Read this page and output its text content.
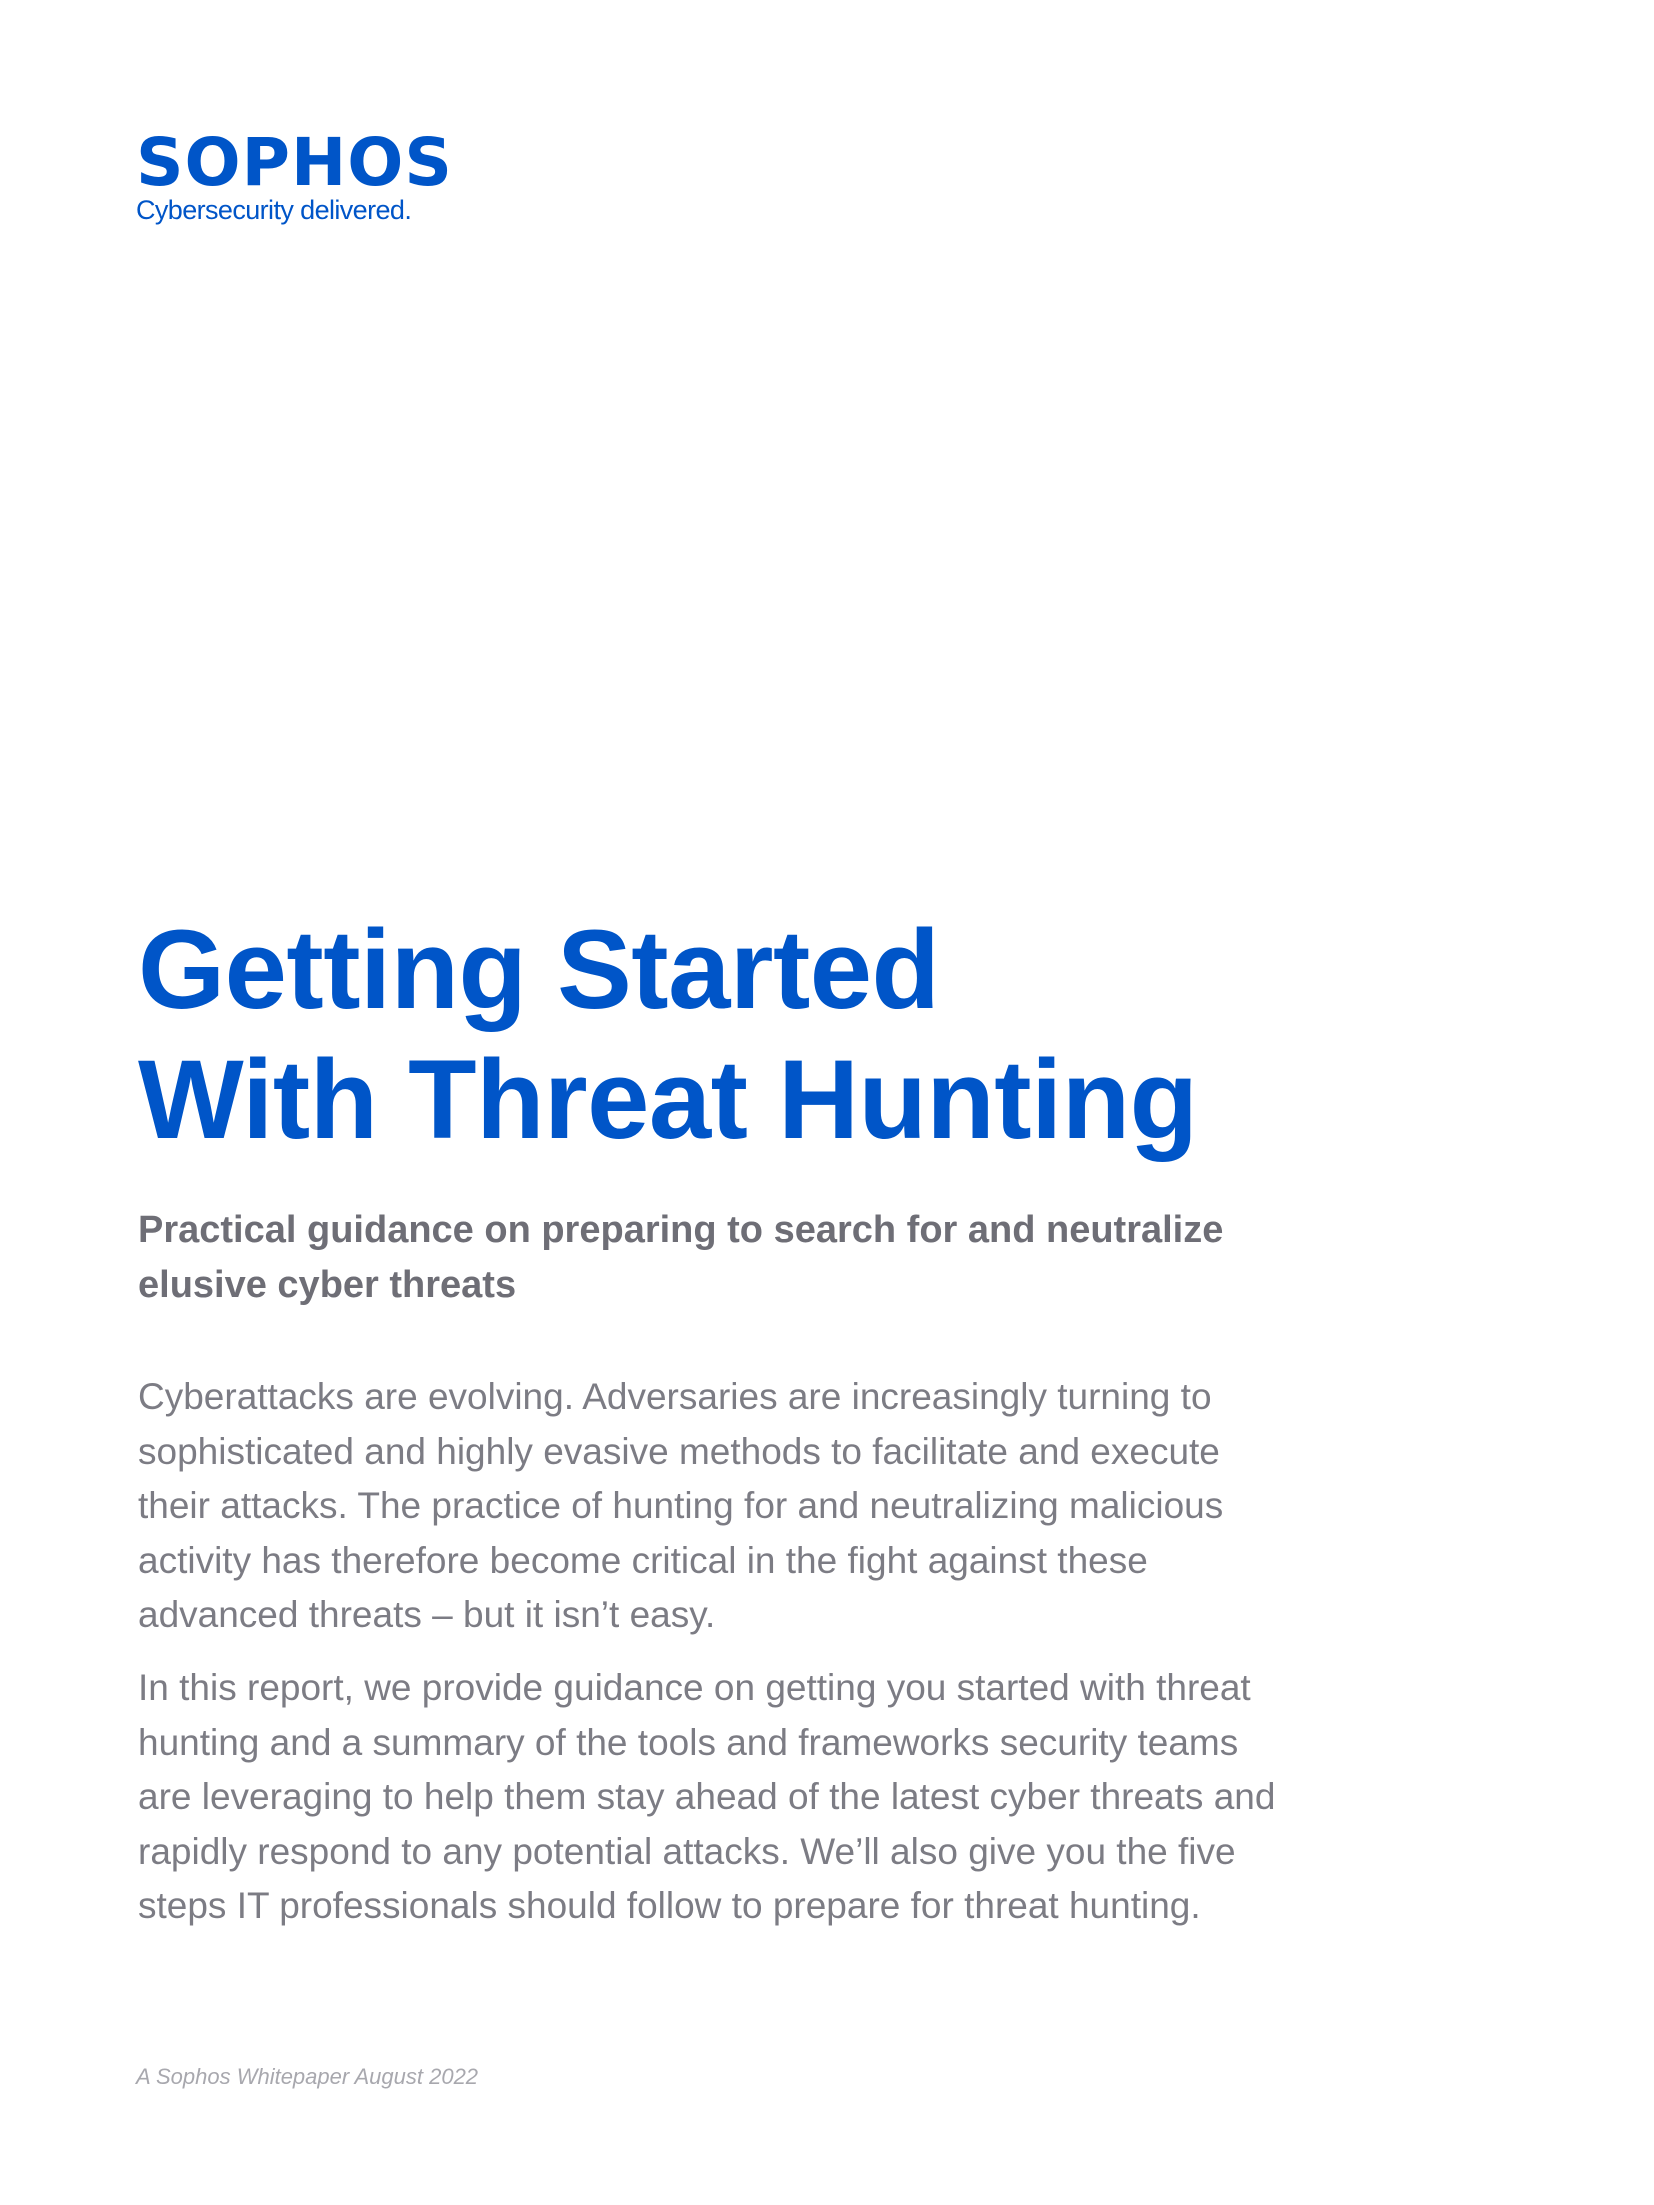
SOPHOS
Cybersecurity delivered.
Getting Started
With Threat Hunting
Practical guidance on preparing to search for and neutralize
elusive cyber threats

Cyberattacks are evolving. Adversaries are increasingly turning to
sophisticated and highly evasive methods to facilitate and execute
their attacks. The practice of hunting for and neutralizing malicious
activity has therefore become critical in the fight against these
advanced threats – but it isn’t easy.

In this report, we provide guidance on getting you started with threat
hunting and a summary of the tools and frameworks security teams
are leveraging to help them stay ahead of the latest cyber threats and
rapidly respond to any potential attacks. We’ll also give you the five
steps IT professionals should follow to prepare for threat hunting.

A Sophos Whitepaper August 2022
